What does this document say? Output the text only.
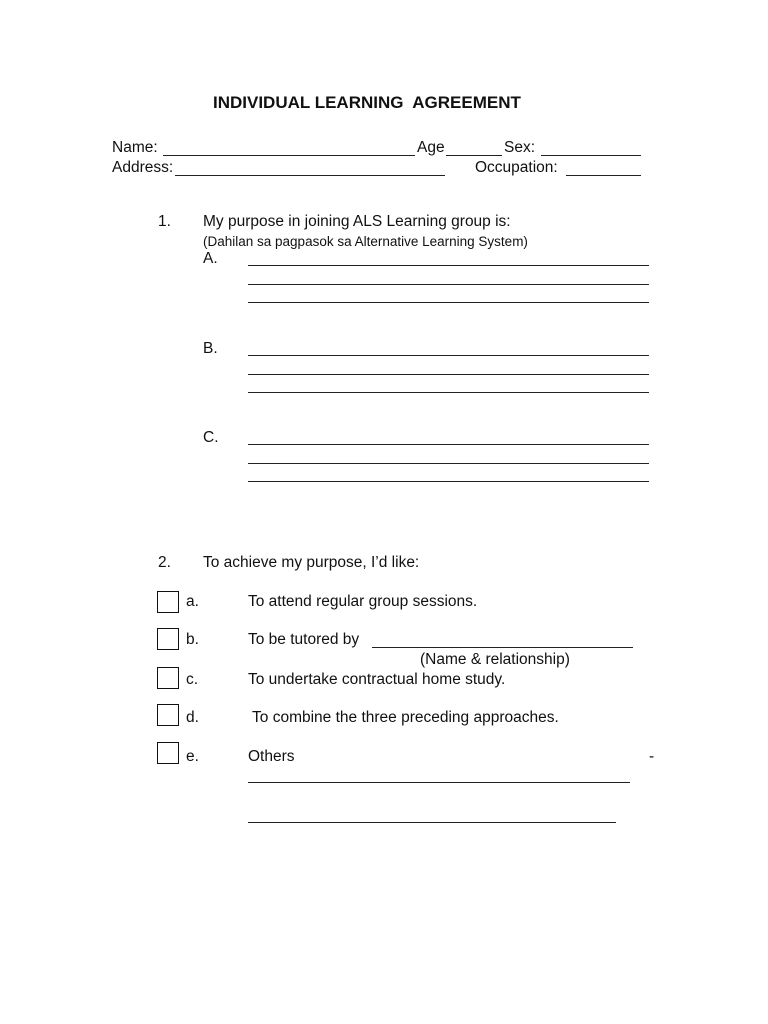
INDIVIDUAL LEARNING  AGREEMENT
Name:	Age	Sex:
Address:	Occupation:
1. My purpose in joining ALS Learning group is:
(Dahilan sa pagpasok sa Alternative Learning System)
A.
B.
C.
2. To achieve my purpose, I’d like:
a.	To attend regular group sessions.
b.	To be tutored by
(Name & relationship)
c.	To undertake contractual home study.
d.	To combine the three preceding approaches.
e.	Others	-
